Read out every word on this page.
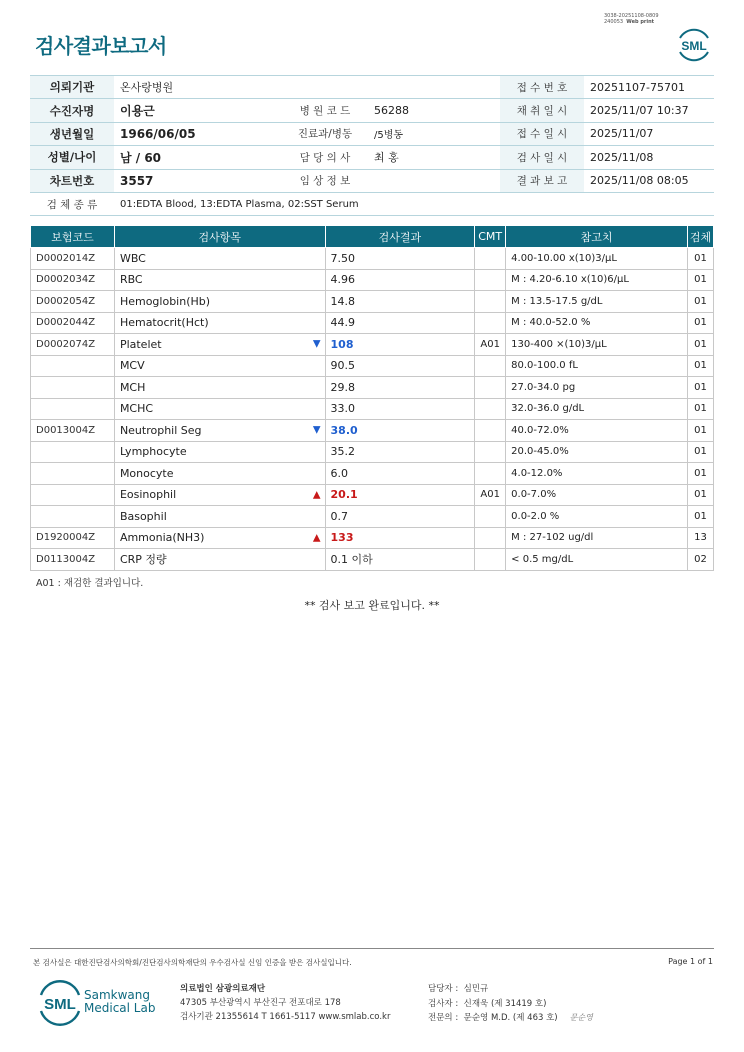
3038-20251108-0809
240053 Web print
검사결과보고서	SML
의뢰기관	온사랑병원			접 수 번 호	20251107-75701
수진자명	이용근	병 원 코 드	56288	채 취 일 시	2025/11/07 10:37
생년월일	1966/06/05	진료과/병동	/5병동	접 수 일 시	2025/11/07
성별/나이	남 / 60	담 당 의 사	최 홍	검 사 일 시	2025/11/08
차트번호	3557	임 상 정 보		결 과 보 고	2025/11/08 08:05
검 체 종 류	01:EDTA Blood, 13:EDTA Plasma, 02:SST Serum				
보험코드	검사항목	검사결과	CMT	참고치	검체
D0002014Z	WBC	7.50		4.00-10.00 x(10)3/µL	01
D0002034Z	RBC	4.96		M : 4.20-6.10 x(10)6/µL	01
D0002054Z	Hemoglobin(Hb)	14.8		M : 13.5-17.5 g/dL	01
D0002044Z	Hematocrit(Hct)	44.9		M : 40.0-52.0 %	01
D0002074Z	Platelet ▼	108	A01	130-400 ×(10)3/µL	01
	MCV	90.5		80.0-100.0 fL	01
	MCH	29.8		27.0-34.0 pg	01
	MCHC	33.0		32.0-36.0 g/dL	01
D0013004Z	Neutrophil Seg ▼	38.0		40.0-72.0%	01
	Lymphocyte	35.2		20.0-45.0%	01
	Monocyte	6.0		4.0-12.0%	01
	Eosinophil ▲	20.1	A01	0.0-7.0%	01
	Basophil	0.7		0.0-2.0 %	01
D1920004Z	Ammonia(NH3) ▲	133		M : 27-102 ug/dl	13
D0113004Z	CRP 정량	0.1 이하		< 0.5 mg/dL	02
A01 : 재검한 결과입니다.
** 검사 보고 완료입니다. **
본 검사실은 대한진단검사의학회/진단검사의학재단의 우수검사실 신임 인증을 받은 검사실입니다.	Page 1 of 1
SML
Samkwang
Medical Lab
의료법인 삼광의료재단
47305 부산광역시 부산진구 전포대로 178
검사기관 21355614 T 1661-5117 www.smlab.co.kr
담당자 : 심민규
검사자 : 신재욱 (제 31419 호)
전문의 : 문순영 M.D. (제 463 호) 문순영
